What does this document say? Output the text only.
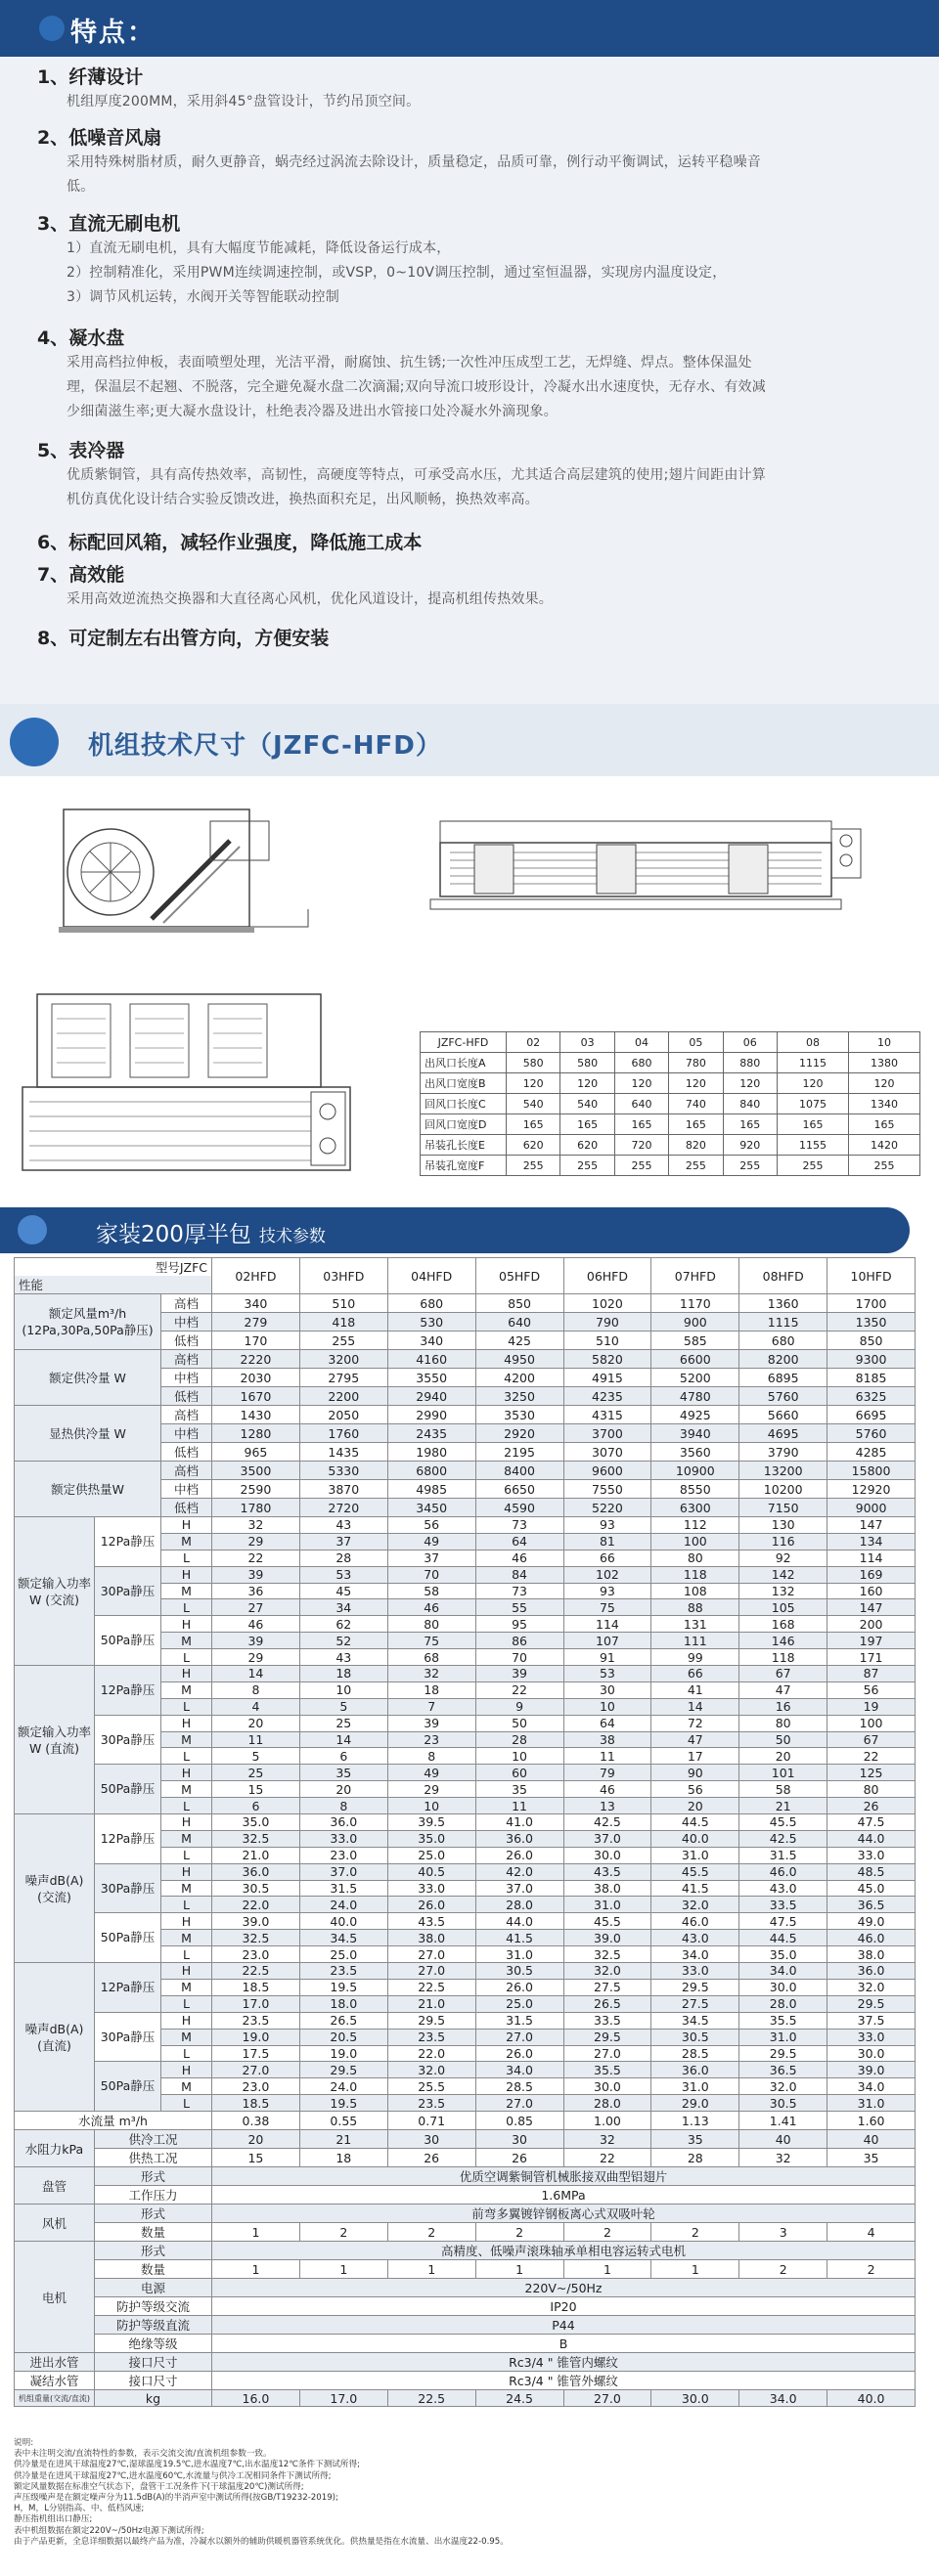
特点：
1、纤薄设计
机组厚度200MM，采用斜45°盘管设计，节约吊顶空间。
2、低噪音风扇
采用特殊树脂材质，耐久更静音，蜗壳经过涡流去除设计，质量稳定，品质可靠，例行动平衡调试，运转平稳噪音
低。
3、直流无刷电机
1）直流无刷电机，具有大幅度节能减耗，降低设备运行成本，
2）控制精准化，采用PWM连续调速控制，或VSP，0~10V调压控制，通过室恒温器，实现房内温度设定，
3）调节风机运转，水阀开关等智能联动控制
4、凝水盘
采用高档拉伸板，表面喷塑处理，光洁平滑，耐腐蚀、抗生锈;一次性冲压成型工艺，无焊缝、焊点。整体保温处
理，保温层不起翘、不脱落，完全避免凝水盘二次滴漏;双向导流口坡形设计，冷凝水出水速度快，无存水、有效减
少细菌滋生率;更大凝水盘设计，杜绝表冷器及进出水管接口处冷凝水外滴现象。
5、表冷器
优质紫铜管，具有高传热效率，高韧性，高硬度等特点，可承受高水压，尤其适合高层建筑的使用;翅片间距由计算
机仿真优化设计结合实验反馈改进，换热面积充足，出风顺畅，换热效率高。
6、标配回风箱，减轻作业强度，降低施工成本
7、高效能
采用高效逆流热交换器和大直径离心风机，优化风道设计，提高机组传热效果。
8、可定制左右出管方向，方便安装
机组技术尺寸（JZFC-HFD）
JZFC-HFD	02	03	04	05	06	08	10
出风口长度A	580	580	680	780	880	1115	1380
出风口宽度B	120	120	120	120	120	120	120
回风口长度C	540	540	640	740	840	1075	1340
回风口宽度D	165	165	165	165	165	165	165
吊装孔长度E	620	620	720	820	920	1155	1420
吊装孔宽度F	255	255	255	255	255	255	255
家装200厚半包 技术参数
型号JZFC			02HFD	03HFD	04HFD	05HFD	06HFD	07HFD	08HFD	10HFD
性能										
额定风量m³/h (12Pa,30Pa,50Pa静压)		高档	340	510	680	850	1020	1170	1360	1700
		中档	279	418	530	640	790	900	1115	1350
		低档	170	255	340	425	510	585	680	850
额定供冷量 W		高档	2220	3200	4160	4950	5820	6600	8200	9300
		中档	2030	2795	3550	4200	4915	5200	6895	8185
		低档	1670	2200	2940	3250	4235	4780	5760	6325
显热供冷量 W		高档	1430	2050	2990	3530	4315	4925	5660	6695
		中档	1280	1760	2435	2920	3700	3940	4695	5760
		低档	965	1435	1980	2195	3070	3560	3790	4285
额定供热量W		高档	3500	5330	6800	8400	9600	10900	13200	15800
		中档	2590	3870	4985	6650	7550	8550	10200	12920
		低档	1780	2720	3450	4590	5220	6300	7150	9000
额定输入功率W (交流)	12Pa静压	H	32	43	56	73	93	112	130	147
		M	29	37	49	64	81	100	116	134
		L	22	28	37	46	66	80	92	114
	30Pa静压	H	39	53	70	84	102	118	142	169
		M	36	45	58	73	93	108	132	160
		L	27	34	46	55	75	88	105	147
	50Pa静压	H	46	62	80	95	114	131	168	200
		M	39	52	75	86	107	111	146	197
		L	29	43	68	70	91	99	118	171
额定输入功率W (直流)	12Pa静压	H	14	18	32	39	53	66	67	87
		M	8	10	18	22	30	41	47	56
		L	4	5	7	9	10	14	16	19
	30Pa静压	H	20	25	39	50	64	72	80	100
		M	11	14	23	28	38	47	50	67
		L	5	6	8	10	11	17	20	22
	50Pa静压	H	25	35	49	60	79	90	101	125
		M	15	20	29	35	46	56	58	80
		L	6	8	10	11	13	20	21	26
噪声dB(A) (交流)	12Pa静压	H	35.0	36.0	39.5	41.0	42.5	44.5	45.5	47.5
		M	32.5	33.0	35.0	36.0	37.0	40.0	42.5	44.0
		L	21.0	23.0	25.0	26.0	30.0	31.0	31.5	33.0
	30Pa静压	H	36.0	37.0	40.5	42.0	43.5	45.5	46.0	48.5
		M	30.5	31.5	33.0	37.0	38.0	41.5	43.0	45.0
		L	22.0	24.0	26.0	28.0	31.0	32.0	33.5	36.5
	50Pa静压	H	39.0	40.0	43.5	44.0	45.5	46.0	47.5	49.0
		M	32.5	34.5	38.0	41.5	39.0	43.0	44.5	46.0
		L	23.0	25.0	27.0	31.0	32.5	34.0	35.0	38.0
噪声dB(A) (直流)	12Pa静压	H	22.5	23.5	27.0	30.5	32.0	33.0	34.0	36.0
		M	18.5	19.5	22.5	26.0	27.5	29.5	30.0	32.0
		L	17.0	18.0	21.0	25.0	26.5	27.5	28.0	29.5
	30Pa静压	H	23.5	26.5	29.5	31.5	33.5	34.5	35.5	37.5
		M	19.0	20.5	23.5	27.0	29.5	30.5	31.0	33.0
		L	17.5	19.0	22.0	26.0	27.0	28.5	29.5	30.0
	50Pa静压	H	27.0	29.5	32.0	34.0	35.5	36.0	36.5	39.0
		M	23.0	24.0	25.5	28.5	30.0	31.0	32.0	34.0
		L	18.5	19.5	23.5	27.0	28.0	29.0	30.5	31.0
水流量 m³/h			0.38	0.55	0.71	0.85	1.00	1.13	1.41	1.60
水阻力kPa	供冷工况		20	21	30	30	32	35	40	40
	供热工况		15	18	26	26	22	28	32	35
盘管	形式		优质空调紫铜管机械胀接双曲型铝翅片							
	工作压力		1.6MPa							
风机	形式		前弯多翼镀锌钢板离心式双吸叶轮							
	数量		1	2	2	2	2	2	3	4
电机	形式		高精度、低噪声滚珠轴承单相电容运转式电机							
	数量		1	1	1	1	1	1	2	2
	电源		220V~/50Hz							
	防护等级交流		IP20							
	防护等级直流		P44							
	绝缘等级		B							
进出水管	接口尺寸		Rc3/4 " 锥管内螺纹							
凝结水管	接口尺寸		Rc3/4 " 锥管外螺纹							
机组重量(交流/直流)	kg		16.0	17.0	22.5	24.5	27.0	30.0	34.0	40.0
说明:
表中未注明交流/直流特性的参数，表示交流交流/直流机组参数一致。
供冷量是在进风干球温度27℃,湿球温度19.5℃,进水温度7℃,出水温度12℃条件下测试所得;
供冷量是在进风干球温度27℃,进水温度60℃,水流量与供冷工况相同条件下测试所得;
额定风量数据在标准空气状态下，盘管干工况条件下(干球温度20℃)测试所得;
声压级噪声是在额定噪声分为11.5dB(A)的半消声室中测试所得(按GB/T19232-2019);
H，M，L分别指高、中、低档风速;
静压指机组出口静压;
表中机组数据在额定220V~/50Hz电源下测试所得;
由于产品更新，全息详细数据以最终产品为准，冷凝水以额外的辅助供暖机器管系统优化。供热量是指在水流量、出水温度22-0.95。
